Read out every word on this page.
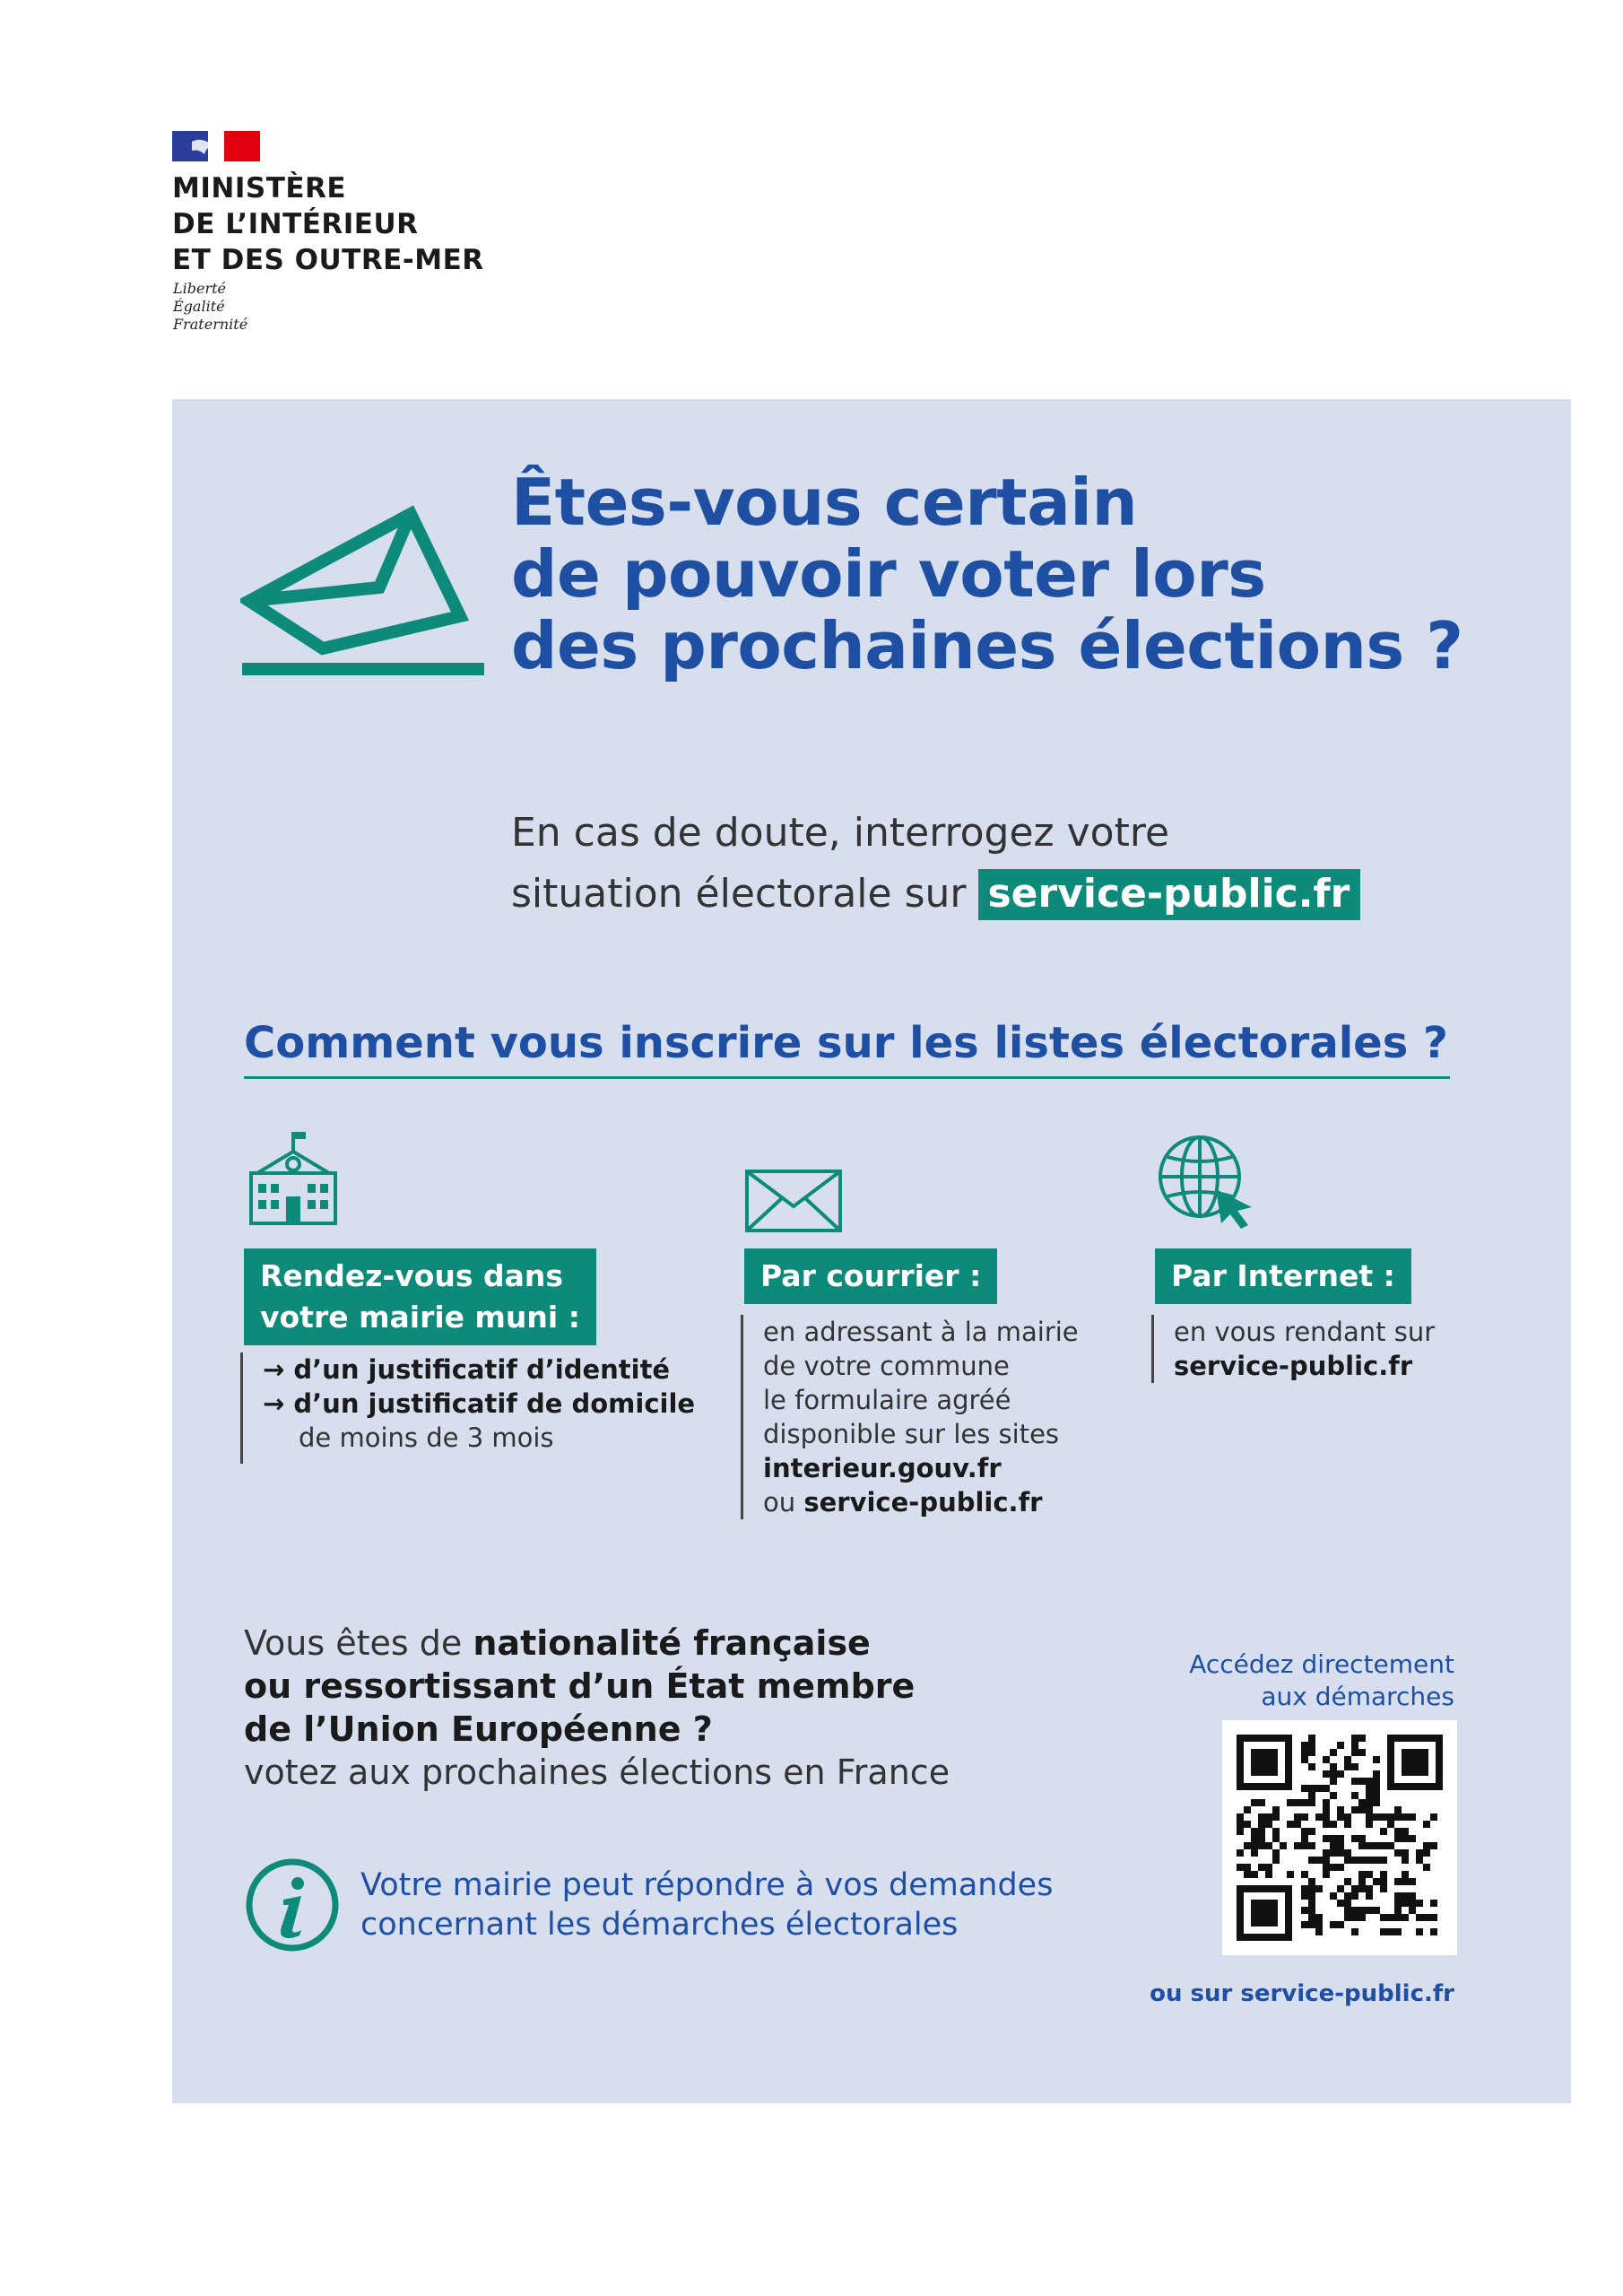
MINISTÈRE
DE L’INTÉRIEUR
ET DES OUTRE-MER
Liberté
Égalité
Fraternité
Êtes-vous certain
de pouvoir voter lors
des prochaines élections ?
En cas de doute, interrogez votre
situation électorale sur service-public.fr
Comment vous inscrire sur les listes électorales ?
Rendez-vous dans
votre mairie muni :
→ d’un justificatif d’identité
→ d’un justificatif de domicile
de moins de 3 mois
Par courrier :
en adressant à la mairie
de votre commune
le formulaire agréé
disponible sur les sites
interieur.gouv.fr
ou service-public.fr
Par Internet :
en vous rendant sur
service-public.fr
Vous êtes de nationalité française
ou ressortissant d’un État membre
de l’Union Européenne ?
votez aux prochaines élections en France
Votre mairie peut répondre à vos demandes
concernant les démarches électorales
Accédez directement
aux démarches
ou sur service-public.fr
